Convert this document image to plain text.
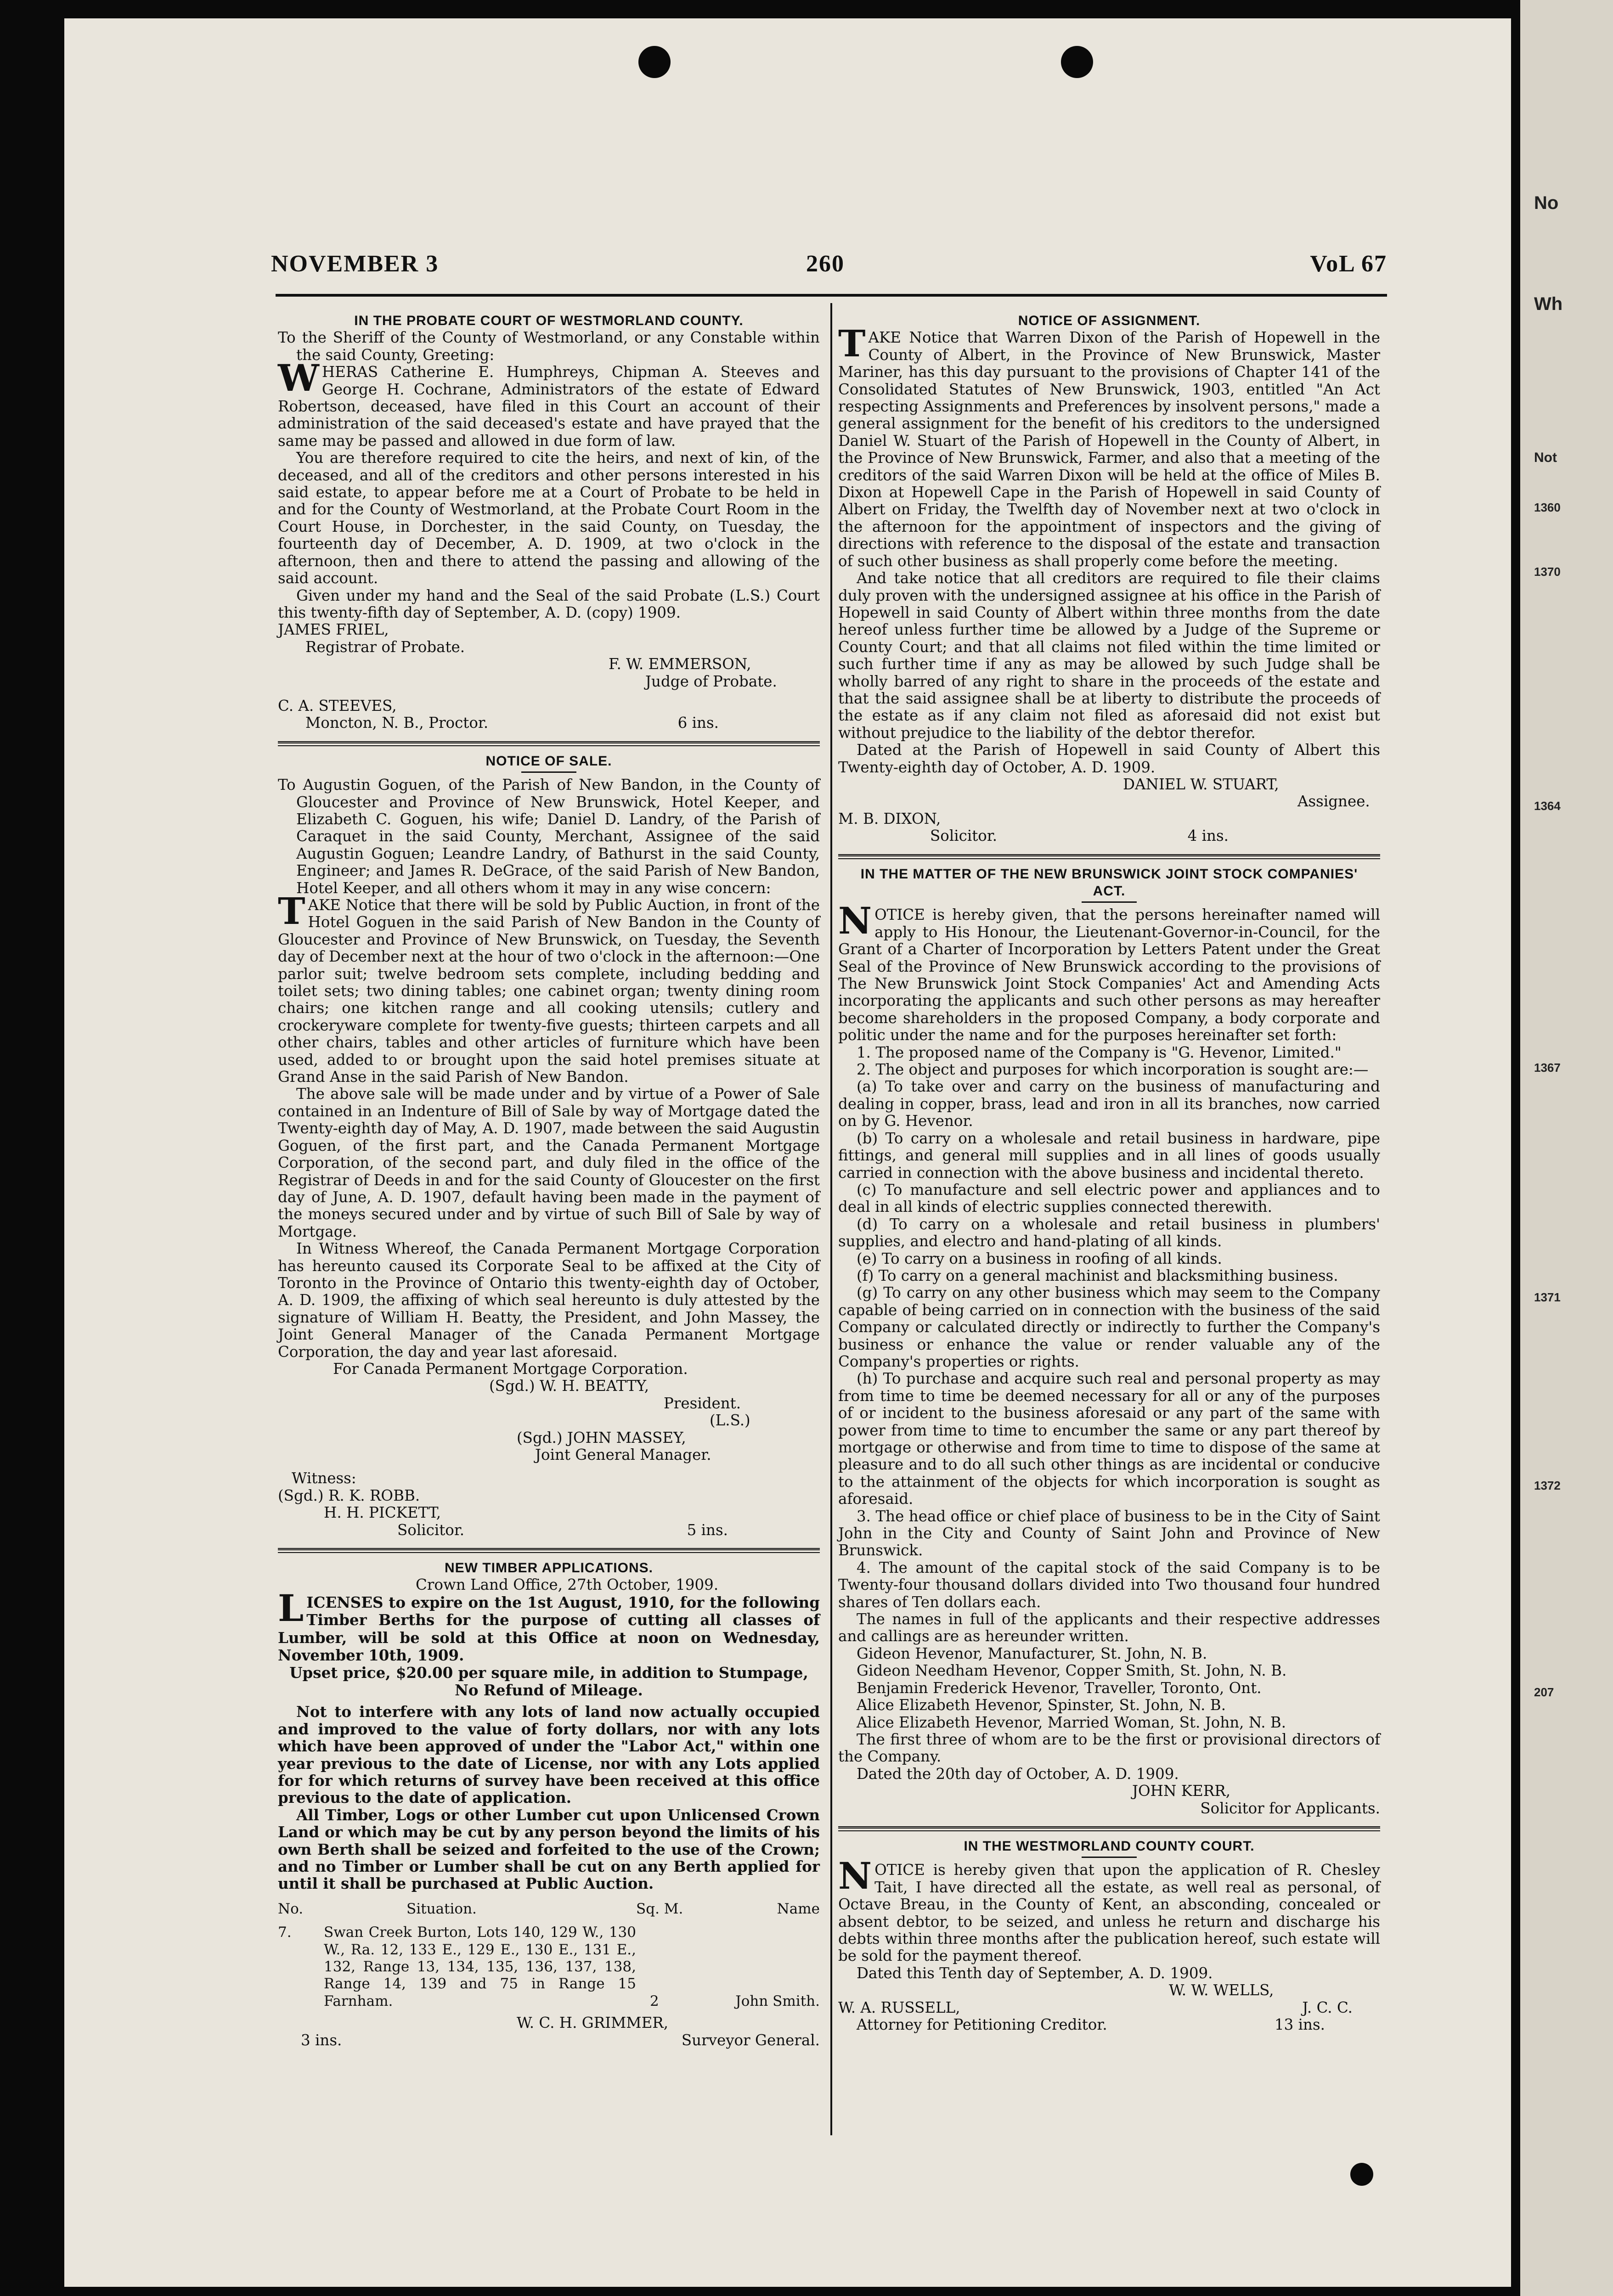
No
Wh
Not
1360
1370
1364
1367
1371
1372
207
NOVEMBER 3	260	VoL 67

IN THE PROBATE COURT OF WESTMORLAND COUNTY.

To the Sheriff of the County of Westmorland, or any Constable within the said County, Greeting:

WHERAS Catherine E. Humphreys, Chipman A. Steeves and George H. Cochrane, Administrators of the estate of Edward Robertson, deceased, have filed in this Court an account of their administration of the said deceased's estate and have prayed that the same may be passed and allowed in due form of law.

You are therefore required to cite the heirs, and next of kin, of the deceased, and all of the creditors and other persons interested in his said estate, to appear before me at a Court of Probate to be held in and for the County of Westmorland, at the Probate Court Room in the Court House, in Dorchester, in the said County, on Tuesday, the fourteenth day of December, A. D. 1909, at two o'clock in the afternoon, then and there to attend the passing and allowing of the said account.

Given under my hand and the Seal of the said Probate (L.S.) Court this twenty-fifth day of September, A. D. (copy) 1909.

JAMES FRIEL,

Registrar of Probate.

F. W. EMMERSON,

Judge of Probate.

C. A. STEEVES,

Moncton, N. B., Proctor.	6 ins.

NOTICE OF SALE.

To Augustin Goguen, of the Parish of New Bandon, in the County of Gloucester and Province of New Brunswick, Hotel Keeper, and Elizabeth C. Goguen, his wife; Daniel D. Landry, of the Parish of Caraquet in the said County, Merchant, Assignee of the said Augustin Goguen; Leandre Landry, of Bathurst in the said County, Engineer; and James R. DeGrace, of the said Parish of New Bandon, Hotel Keeper, and all others whom it may in any wise concern:

TAKE Notice that there will be sold by Public Auction, in front of the Hotel Goguen in the said Parish of New Bandon in the County of Gloucester and Province of New Brunswick, on Tuesday, the Seventh day of December next at the hour of two o'clock in the afternoon:—One parlor suit; twelve bedroom sets complete, including bedding and toilet sets; two dining tables; one cabinet organ; twenty dining room chairs; one kitchen range and all cooking utensils; cutlery and crockeryware complete for twenty-five guests; thirteen carpets and all other chairs, tables and other articles of furniture which have been used, added to or brought upon the said hotel premises situate at Grand Anse in the said Parish of New Bandon.

The above sale will be made under and by virtue of a Power of Sale contained in an Indenture of Bill of Sale by way of Mortgage dated the Twenty-eighth day of May, A. D. 1907, made between the said Augustin Goguen, of the first part, and the Canada Permanent Mortgage Corporation, of the second part, and duly filed in the office of the Registrar of Deeds in and for the said County of Gloucester on the first day of June, A. D. 1907, default having been made in the payment of the moneys secured under and by virtue of such Bill of Sale by way of Mortgage.

In Witness Whereof, the Canada Permanent Mortgage Corporation has hereunto caused its Corporate Seal to be affixed at the City of Toronto in the Province of Ontario this twenty-eighth day of October, A. D. 1909, the affixing of which seal hereunto is duly attested by the signature of William H. Beatty, the President, and John Massey, the Joint General Manager of the Canada Permanent Mortgage Corporation, the day and year last aforesaid.

For Canada Permanent Mortgage Corporation.

(Sgd.) W. H. BEATTY,

President.

(L.S.)

(Sgd.) JOHN MASSEY,

Joint General Manager.

Witness:

(Sgd.) R. K. ROBB.

H. H. PICKETT,

Solicitor.	5 ins.

NEW TIMBER APPLICATIONS.

Crown Land Office, 27th October, 1909.

LICENSES to expire on the 1st August, 1910, for the following Timber Berths for the purpose of cutting all classes of Lumber, will be sold at this Office at noon on Wednesday, November 10th, 1909.

Upset price, $20.00 per square mile, in addition to Stumpage, No Refund of Mileage.

Not to interfere with any lots of land now actually occupied and improved to the value of forty dollars, nor with any lots which have been approved of under the "Labor Act," within one year previous to the date of License, nor with any Lots applied for for which returns of survey have been received at this office previous to the date of application.

All Timber, Logs or other Lumber cut upon Unlicensed Crown Land or which may be cut by any person beyond the limits of his own Berth shall be seized and forfeited to the use of the Crown; and no Timber or Lumber shall be cut on any Berth applied for until it shall be purchased at Public Auction.

No.	Situation.	Sq. M.	Name
7.	Swan Creek Burton, Lots 140, 129 W., 130 W., Ra. 12, 133 E., 129 E., 130 E., 131 E., 132, Range 13, 134, 135, 136, 137, 138, Range 14, 139 and 75 in Range 15 Farnham.	2	John Smith.

W. C. H. GRIMMER,

3 ins.	Surveyor General.

NOTICE OF ASSIGNMENT.

TAKE Notice that Warren Dixon of the Parish of Hopewell in the County of Albert, in the Province of New Brunswick, Master Mariner, has this day pursuant to the provisions of Chapter 141 of the Consolidated Statutes of New Brunswick, 1903, entitled "An Act respecting Assignments and Preferences by insolvent persons," made a general assignment for the benefit of his creditors to the undersigned Daniel W. Stuart of the Parish of Hopewell in the County of Albert, in the Province of New Brunswick, Farmer, and also that a meeting of the creditors of the said Warren Dixon will be held at the office of Miles B. Dixon at Hopewell Cape in the Parish of Hopewell in said County of Albert on Friday, the Twelfth day of November next at two o'clock in the afternoon for the appointment of inspectors and the giving of directions with reference to the disposal of the estate and transaction of such other business as shall properly come before the meeting.

And take notice that all creditors are required to file their claims duly proven with the undersigned assignee at his office in the Parish of Hopewell in said County of Albert within three months from the date hereof unless further time be allowed by a Judge of the Supreme or County Court; and that all claims not filed within the time limited or such further time if any as may be allowed by such Judge shall be wholly barred of any right to share in the proceeds of the estate and that the said assignee shall be at liberty to distribute the proceeds of the estate as if any claim not filed as aforesaid did not exist but without prejudice to the liability of the debtor therefor.

Dated at the Parish of Hopewell in said County of Albert this Twenty-eighth day of October, A. D. 1909.

DANIEL W. STUART,

Assignee.

M. B. DIXON,

Solicitor.	4 ins.

IN THE MATTER OF THE NEW BRUNSWICK JOINT STOCK COMPANIES' ACT.

NOTICE is hereby given, that the persons hereinafter named will apply to His Honour, the Lieutenant-Governor-in-Council, for the Grant of a Charter of Incorporation by Letters Patent under the Great Seal of the Province of New Brunswick according to the provisions of The New Brunswick Joint Stock Companies' Act and Amending Acts incorporating the applicants and such other persons as may hereafter become shareholders in the proposed Company, a body corporate and politic under the name and for the purposes hereinafter set forth:

1. The proposed name of the Company is "G. Hevenor, Limited."

2. The object and purposes for which incorporation is sought are:—

(a) To take over and carry on the business of manufacturing and dealing in copper, brass, lead and iron in all its branches, now carried on by G. Hevenor.

(b) To carry on a wholesale and retail business in hardware, pipe fittings, and general mill supplies and in all lines of goods usually carried in connection with the above business and incidental thereto.

(c) To manufacture and sell electric power and appliances and to deal in all kinds of electric supplies connected therewith.

(d) To carry on a wholesale and retail business in plumbers' supplies, and electro and hand-plating of all kinds.

(e) To carry on a business in roofing of all kinds.

(f) To carry on a general machinist and blacksmithing business.

(g) To carry on any other business which may seem to the Company capable of being carried on in connection with the business of the said Company or calculated directly or indirectly to further the Company's business or enhance the value or render valuable any of the Company's properties or rights.

(h) To purchase and acquire such real and personal property as may from time to time be deemed necessary for all or any of the purposes of or incident to the business aforesaid or any part of the same with power from time to time to encumber the same or any part thereof by mortgage or otherwise and from time to time to dispose of the same at pleasure and to do all such other things as are incidental or conducive to the attainment of the objects for which incorporation is sought as aforesaid.

3. The head office or chief place of business to be in the City of Saint John in the City and County of Saint John and Province of New Brunswick.

4. The amount of the capital stock of the said Company is to be Twenty-four thousand dollars divided into Two thousand four hundred shares of Ten dollars each.

The names in full of the applicants and their respective addresses and callings are as hereunder written.

Gideon Hevenor, Manufacturer, St. John, N. B.

Gideon Needham Hevenor, Copper Smith, St. John, N. B.

Benjamin Frederick Hevenor, Traveller, Toronto, Ont.

Alice Elizabeth Hevenor, Spinster, St. John, N. B.

Alice Elizabeth Hevenor, Married Woman, St. John, N. B.

The first three of whom are to be the first or provisional directors of the Company.

Dated the 20th day of October, A. D. 1909.

JOHN KERR,

Solicitor for Applicants.

IN THE WESTMORLAND COUNTY COURT.

NOTICE is hereby given that upon the application of R. Chesley Tait, I have directed all the estate, as well real as personal, of Octave Breau, in the County of Kent, an absconding, concealed or absent debtor, to be seized, and unless he return and discharge his debts within three months after the publication hereof, such estate will be sold for the payment thereof.

Dated this Tenth day of September, A. D. 1909.

W. W. WELLS,

W. A. RUSSELL,	J. C. C.
Attorney for Petitioning Creditor.	13 ins.
